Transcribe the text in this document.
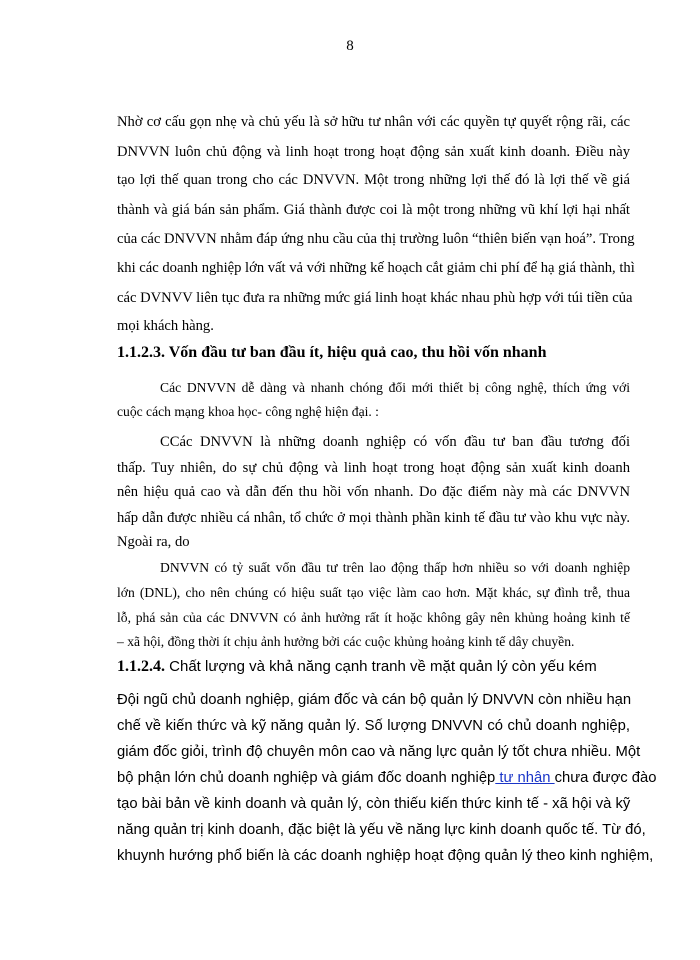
8
Nhờ cơ cấu gọn nhẹ và chủ yếu là sở hữu tư nhân với các quyền tự quyết rộng rãi, các
DNVVN luôn chủ động và linh hoạt trong hoạt động sản xuất kinh doanh. Điều này
tạo lợi thế quan trong cho các DNVVN. Một trong những lợi thế đó là lợi thế về giá
thành và giá bán sản phẩm. Giá thành được coi là một trong những vũ khí lợi hại nhất
của các DNVVN nhằm đáp ứng nhu cầu của thị trường luôn “thiên biến vạn hoá”. Trong
khi các doanh nghiệp lớn vất vả với những kế hoạch cắt giảm chi phí để hạ giá thành, thì
các DVNVV liên tục đưa ra những mức giá linh hoạt khác nhau phù hợp với túi tiền của
mọi khách hàng.
1.1.2.3. Vốn đầu tư ban đầu ít, hiệu quả cao, thu hồi vốn nhanh
Các DNVVN dễ dàng và nhanh chóng đổi mới thiết bị công nghệ, thích ứng với
cuộc cách mạng khoa học- công nghệ hiện đại. :
CCác DNVVN là những doanh nghiệp có vốn đầu tư ban đầu tương đối
thấp. Tuy nhiên, do sự chủ động và linh hoạt trong hoạt động sản xuất kinh doanh
nên hiệu quả cao và dẫn đến thu hồi vốn nhanh. Do đặc điểm này mà các DNVVN
hấp dẫn được nhiều cá nhân, tổ chức ở mọi thành phần kinh tế đầu tư vào khu vực này.
Ngoài ra, do
DNVVN có tỷ suất vốn đầu tư trên lao động thấp hơn nhiều so với doanh nghiệp
lớn (DNL), cho nên chúng có hiệu suất tạo việc làm cao hơn. Mặt khác, sự đình trễ, thua
lỗ, phá sản của các DNVVN có ảnh hưởng rất ít hoặc không gây nên khủng hoảng kinh tế
– xã hội, đồng thời ít chịu ảnh hưởng bởi các cuộc khủng hoảng kinh tế dây chuyền.
1.1.2.4. Chất lượng và khả năng cạnh tranh về mặt quản lý còn yếu kém
Đội ngũ chủ doanh nghiệp, giám đốc và cán bộ quản lý DNVVN còn nhiều hạn
chế về kiến thức và kỹ năng quản lý. Số lượng DNVVN có chủ doanh nghiệp,
giám đốc giỏi, trình độ chuyên môn cao và năng lực quản lý tốt chưa nhiều. Một
bộ phận lớn chủ doanh nghiệp và giám đốc doanh nghiệp tư nhân chưa được đào
tạo bài bản về kinh doanh và quản lý, còn thiếu kiến thức kinh tế - xã hội và kỹ
năng quản trị kinh doanh, đặc biệt là yếu về năng lực kinh doanh quốc tế. Từ đó,
khuynh hướng phổ biến là các doanh nghiệp hoạt động quản lý theo kinh nghiệm,
